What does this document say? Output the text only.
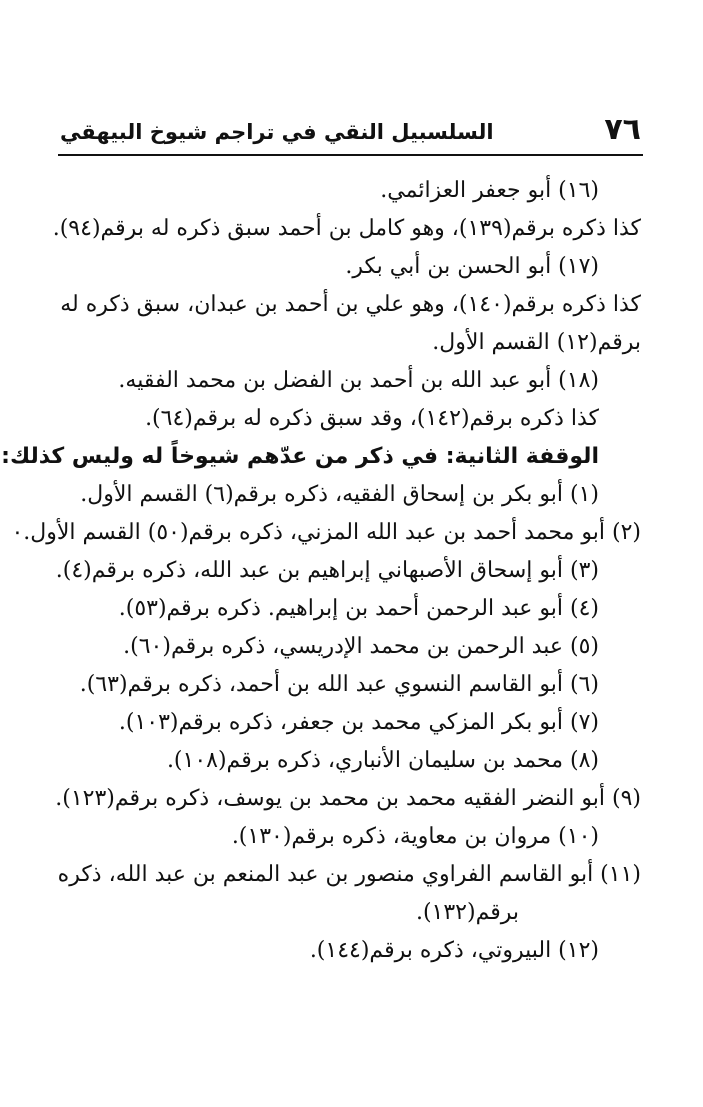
٧٦
السلسبيل النقي في تراجم شيوخ البيهقي
(١٦) أبو جعفر العزائمي.
كذا ذكره برقم(١٣٩)، وهو كامل بن أحمد سبق ذكره له برقم(٩٤).
(١٧) أبو الحسن بن أبي بكر.
كذا ذكره برقم(١٤٠)، وهو علي بن أحمد بن عبدان، سبق ذكره له
برقم(١٢) القسم الأول.
(١٨) أبو عبد الله بن أحمد بن الفضل بن محمد الفقيه.
كذا ذكره برقم(١٤٢)، وقد سبق ذكره له برقم(٦٤).
الوقفة الثانية: في ذكر من عدّهم شيوخاً له وليس كذلك:
(١) أبو بكر بن إسحاق الفقيه، ذكره برقم(٦) القسم الأول.
(٢) أبو محمد أحمد بن عبد الله المزني، ذكره برقم(٥٠) القسم الأول.٠
(٣) أبو إسحاق الأصبهاني إبراهيم بن عبد الله، ذكره برقم(٤).
(٤) أبو عبد الرحمن أحمد بن إبراهيم. ذكره برقم(٥٣).
(٥) عبد الرحمن بن محمد الإدريسي، ذكره برقم(٦٠).
(٦) أبو القاسم النسوي عبد الله بن أحمد، ذكره برقم(٦٣).
(٧) أبو بكر المزكي محمد بن جعفر، ذكره برقم(١٠٣).
(٨) محمد بن سليمان الأنباري، ذكره برقم(١٠٨).
(٩) أبو النضر الفقيه محمد بن محمد بن يوسف، ذكره برقم(١٢٣).
(١٠) مروان بن معاوية، ذكره برقم(١٣٠).
(١١) أبو القاسم الفراوي منصور بن عبد المنعم بن عبد الله، ذكره
برقم(١٣٢).
(١٢) البيروتي، ذكره برقم(١٤٤).
